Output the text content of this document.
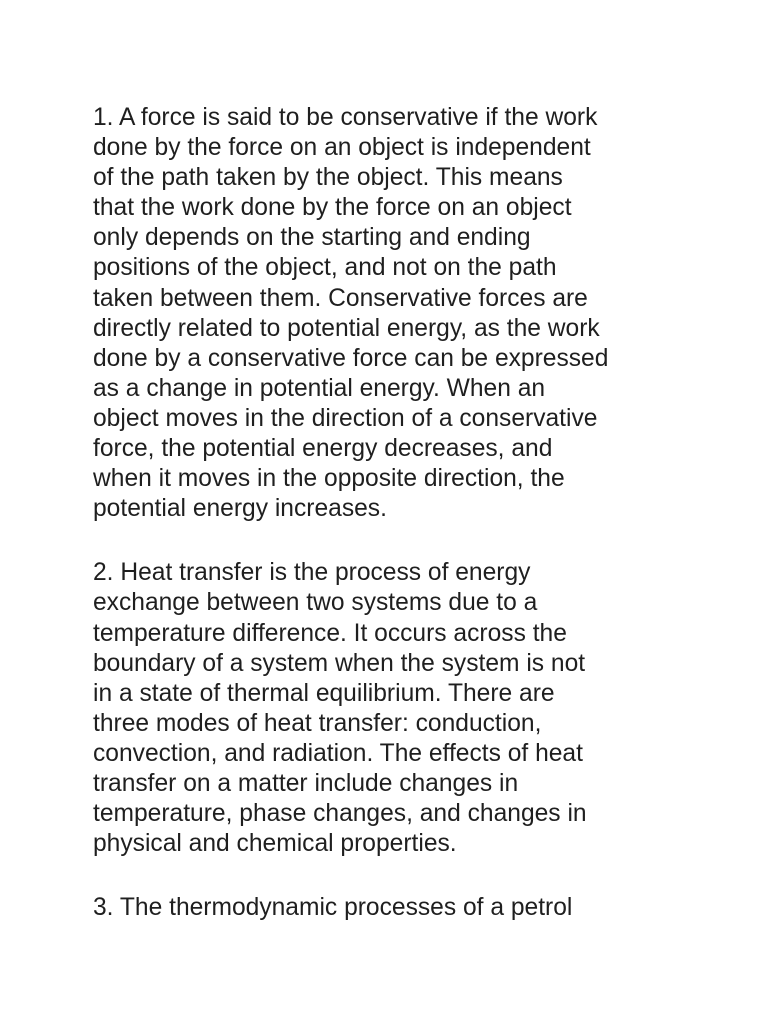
1. A force is said to be conservative if the work
done by the force on an object is independent
of the path taken by the object. This means
that the work done by the force on an object
only depends on the starting and ending
positions of the object, and not on the path
taken between them. Conservative forces are
directly related to potential energy, as the work
done by a conservative force can be expressed
as a change in potential energy. When an
object moves in the direction of a conservative
force, the potential energy decreases, and
when it moves in the opposite direction, the
potential energy increases.

2. Heat transfer is the process of energy
exchange between two systems due to a
temperature difference. It occurs across the
boundary of a system when the system is not
in a state of thermal equilibrium. There are
three modes of heat transfer: conduction,
convection, and radiation. The effects of heat
transfer on a matter include changes in
temperature, phase changes, and changes in
physical and chemical properties.

3. The thermodynamic processes of a petrol
